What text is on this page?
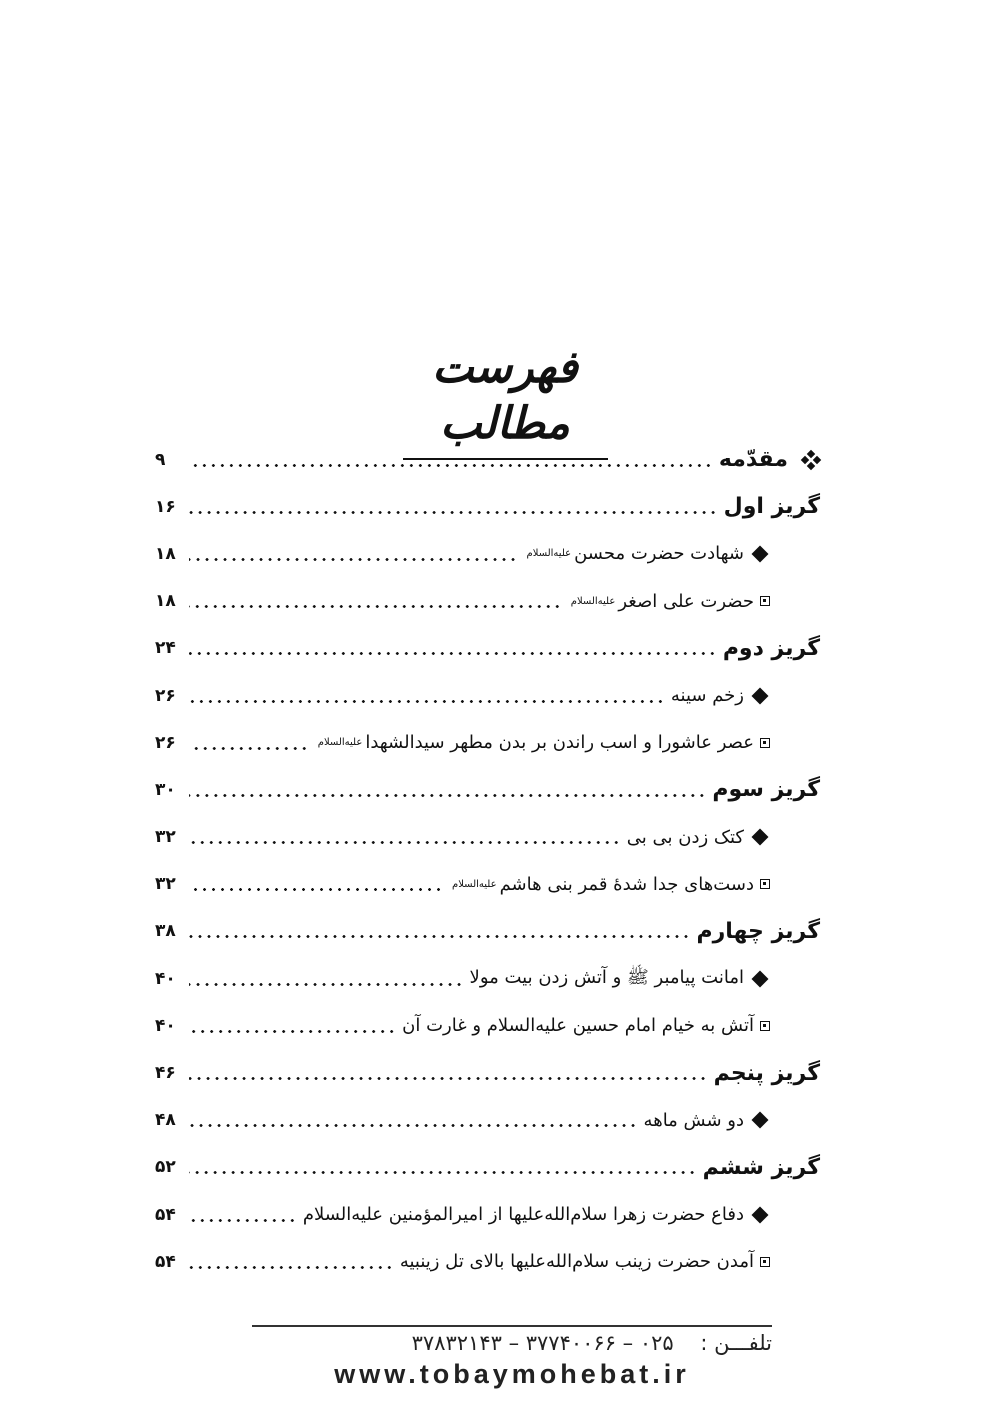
فهرست مطالب
مقدّمه
۹
گریز اول
۱۶
شهادت حضرت محسن
علیه‌السلام
۱۸
حضرت علی اصغر
علیه‌السلام
۱۸
گریز دوم
۲۴
زخم سینه
۲۶
عصر عاشورا و اسب راندن بر بدن مطهر سیدالشهدا
علیه‌السلام
۲۶
گریز سوم
۳۰
کتک زدن بی بی
۳۲
دست‌های جدا شدهٔ قمر بنی هاشم
علیه‌السلام
۳۲
گریز چهارم
۳۸
امانت پیامبر ﷺ و آتش زدن بیت مولا
۴۰
آتش به خیام امام حسین علیه‌السلام و غارت آن
۴۰
گریز پنجم
۴۶
دو شش ماهه
۴۸
گریز ششم
۵۲
دفاع حضرت زهرا سلام‌الله‌علیها از امیرالمؤمنین علیه‌السلام
۵۴
آمدن حضرت زینب سلام‌الله‌علیها بالای تل زینبیه
۵۴
تلفـــن : ۰۲۵ – ۳۷۷۴۰۰۶۶ – ۳۷۸۳۲۱۴۳
www.tobaymohebat.ir
